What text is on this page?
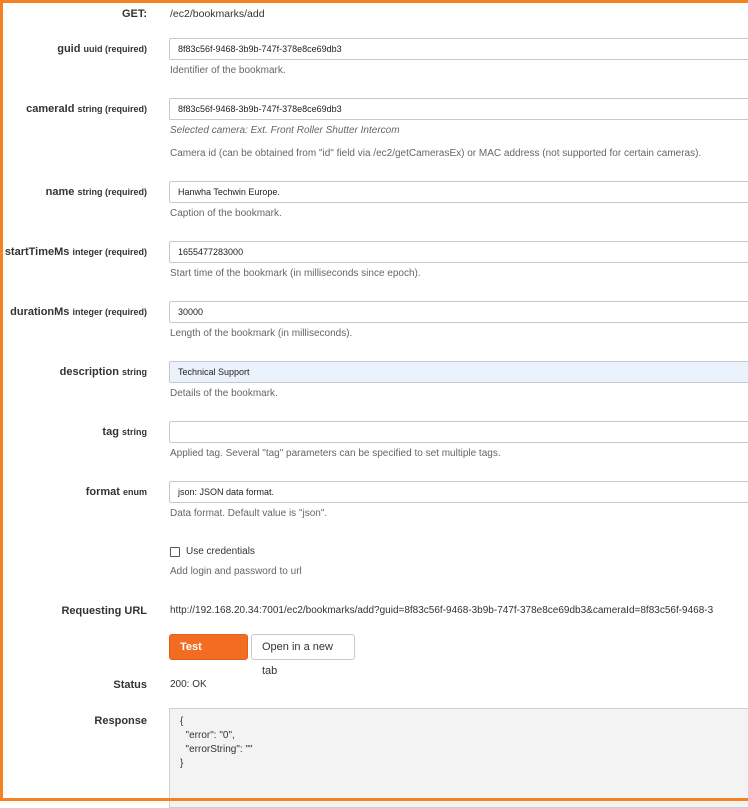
GET: /ec2/bookmarks/add
guid uuid (required)
8f83c56f-9468-3b9b-747f-378e8ce69db3
Identifier of the bookmark.
cameraId string (required)
8f83c56f-9468-3b9b-747f-378e8ce69db3
Selected camera: Ext. Front Roller Shutter Intercom
Camera id (can be obtained from "id" field via /ec2/getCamerasEx) or MAC address (not supported for certain cameras).
name string (required)
Hanwha Techwin Europe.
Caption of the bookmark.
startTimeMs integer (required)
1655477283000
Start time of the bookmark (in milliseconds since epoch).
durationMs integer (required)
30000
Length of the bookmark (in milliseconds).
description string
Technical Support
Details of the bookmark.
tag string
Applied tag. Several "tag" parameters can be specified to set multiple tags.
format enum	json: JSON data format.
Data format. Default value is "json".
Use credentials
Add login and password to url
Requesting URL http://192.168.20.34:7001/ec2/bookmarks/add?guid=8f83c56f-9468-3b9b-747f-378e8ce69db3&cameraId=8f83c56f-9468-3
Test method
Open in a new tab
Status 200: OK
Response	{
"error": "0",
"errorString": ""
}
